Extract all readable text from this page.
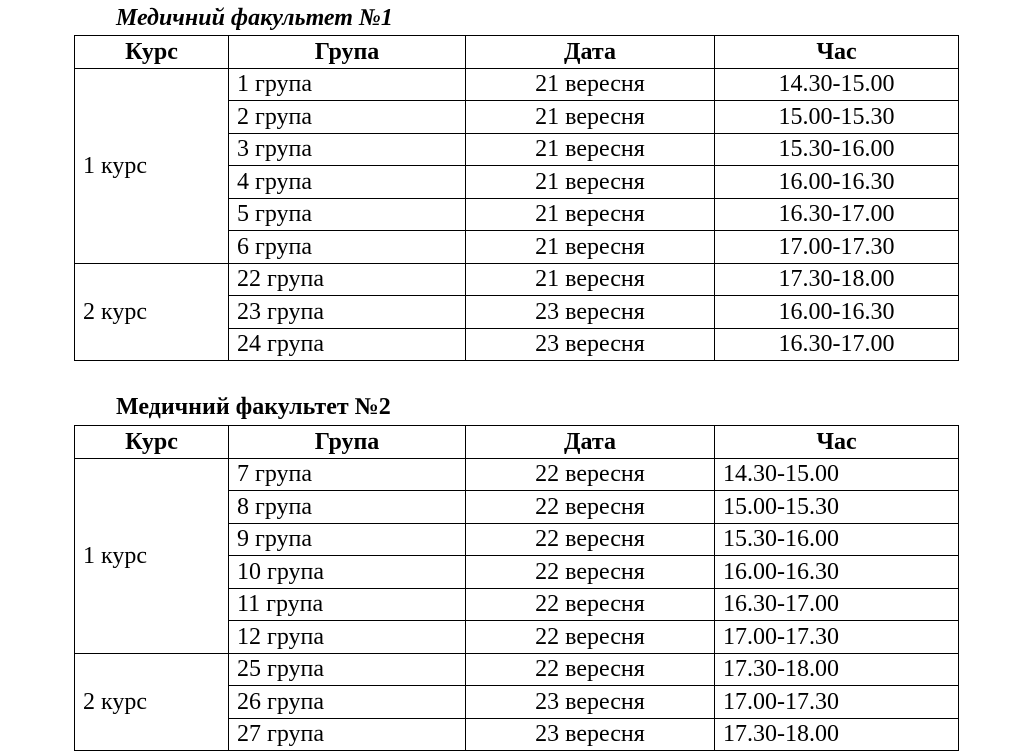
Медичний факультет №1
Курс	Група	Дата	Час
1 курс	1 група	21 вересня	14.30-15.00
	2 група	21 вересня	15.00-15.30
	3 група	21 вересня	15.30-16.00
	4 група	21 вересня	16.00-16.30
	5 група	21 вересня	16.30-17.00
	6 група	21 вересня	17.00-17.30
2 курс	22 група	21 вересня	17.30-18.00
	23 група	23 вересня	16.00-16.30
	24 група	23 вересня	16.30-17.00
Медичний факультет №2
Курс	Група	Дата	Час
1 курс	7 група	22 вересня	14.30-15.00
	8 група	22 вересня	15.00-15.30
	9 група	22 вересня	15.30-16.00
	10 група	22 вересня	16.00-16.30
	11 група	22 вересня	16.30-17.00
	12 група	22 вересня	17.00-17.30
2 курс	25 група	22 вересня	17.30-18.00
	26 група	23 вересня	17.00-17.30
	27 група	23 вересня	17.30-18.00
